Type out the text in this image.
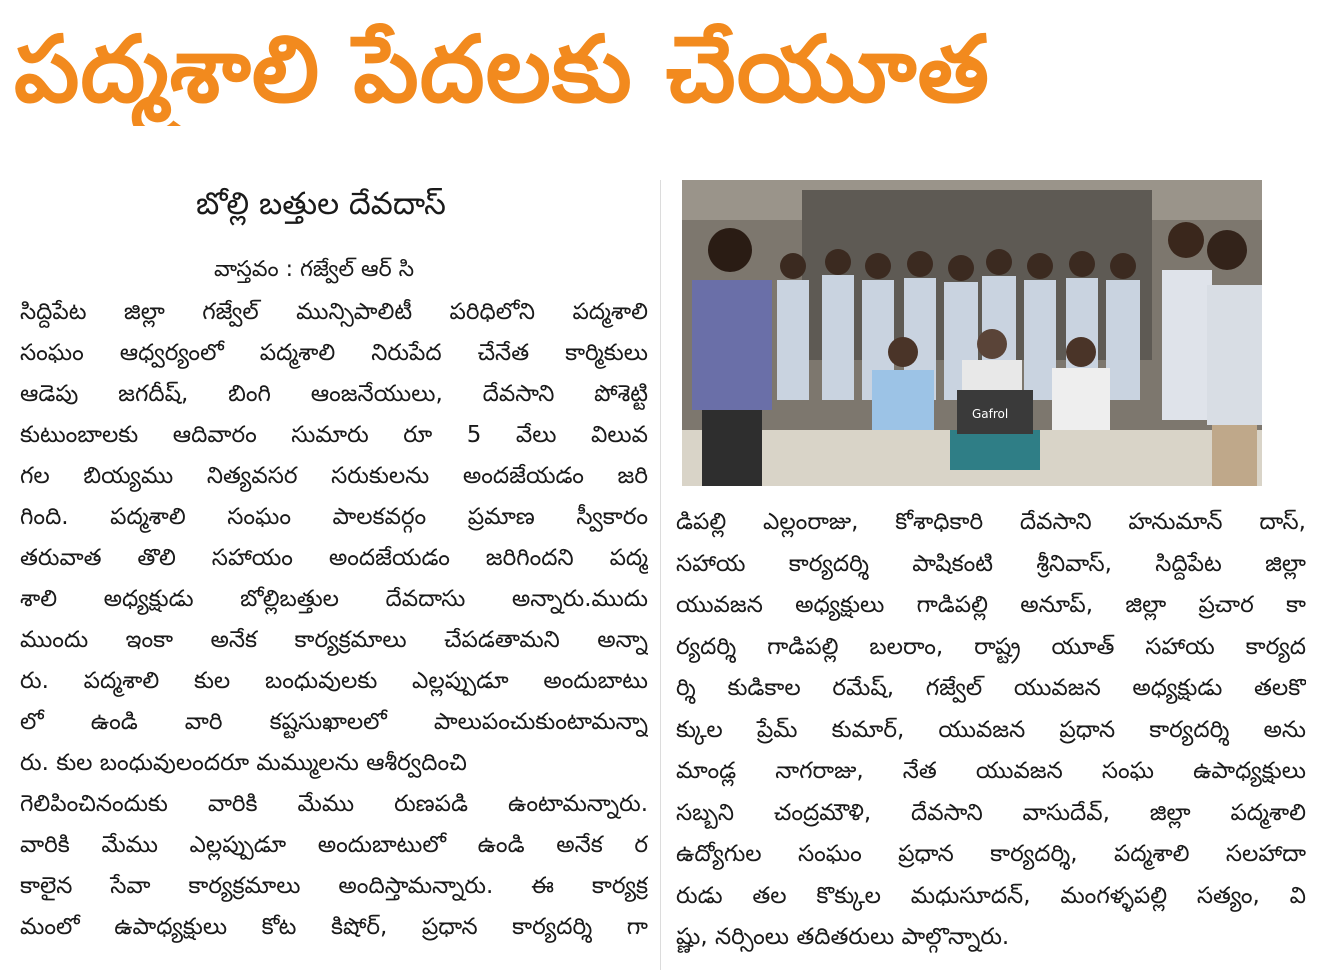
పద్మశాలి పేదలకు చేయూత
బోల్లి బత్తుల దేవదాస్
వాస్తవం : గజ్వేల్ ఆర్ సి
సిద్దిపేట జిల్లా గజ్వేల్ మున్సిపాలిటీ పరిధిలోని పద్మశాలి
సంఘం ఆధ్వర్యంలో పద్మశాలి నిరుపేద చేనేత కార్మికులు
ఆడెపు జగదీష్, బింగి ఆంజనేయులు, దేవసాని పోశెట్టి
కుటుంబాలకు ఆదివారం సుమారు రూ 5 వేలు విలువ
గల బియ్యము నిత్యవసర సరుకులను అందజేయడం జరి
గింది. పద్మశాలి సంఘం పాలకవర్గం ప్రమాణ స్వీకారం
తరువాత తొలి సహాయం అందజేయడం జరిగిందని పద్మ
శాలి అధ్యక్షుడు బోల్లిబత్తుల దేవదాసు అన్నారు.ముదు
ముందు ఇంకా అనేక కార్యక్రమాలు చేపడతామని అన్నా
రు. పద్మశాలి కుల బంధువులకు ఎల్లప్పుడూ అందుబాటు
లో ఉండి వారి కష్టసుఖాలలో పాలుపంచుకుంటామన్నా
రు. కుల బంధువులందరూ మమ్ములను ఆశీర్వదించి
గెలిపించినందుకు వారికి మేము రుణపడి ఉంటామన్నారు.
వారికి మేము ఎల్లప్పుడూ అందుబాటులో ఉండి అనేక ర
కాలైన సేవా కార్యక్రమాలు అందిస్తామన్నారు. ఈ కార్యక్ర
మంలో ఉపాధ్యక్షులు కోట కిషోర్, ప్రధాన కార్యదర్శి గా
Gafrol
డిపల్లి ఎల్లంరాజు, కోశాధికారి దేవసాని హనుమాన్ దాస్,
సహాయ కార్యదర్శి పాషికంటి శ్రీనివాస్, సిద్దిపేట జిల్లా
యువజన అధ్యక్షులు గాడిపల్లి అనూప్, జిల్లా ప్రచార కా
ర్యదర్శి గాడిపల్లి బలరాం, రాష్ట్ర యూత్ సహాయ కార్యద
ర్శి కుడికాల రమేష్, గజ్వేల్ యువజన అధ్యక్షుడు తలకొ
క్కుల ప్రేమ్ కుమార్, యువజన ప్రధాన కార్యదర్శి అను
మాండ్ల నాగరాజు, నేత యువజన సంఘ ఉపాధ్యక్షులు
సబ్బని చంద్రమౌళి, దేవసాని వాసుదేవ్, జిల్లా పద్మశాలి
ఉద్యోగుల సంఘం ప్రధాన కార్యదర్శి, పద్మశాలి సలహాదా
రుడు తల కొక్కుల మధుసూదన్, మంగళ్ళపల్లి సత్యం, వి
ష్ణు, నర్సింలు తదితరులు పాల్గొన్నారు.
